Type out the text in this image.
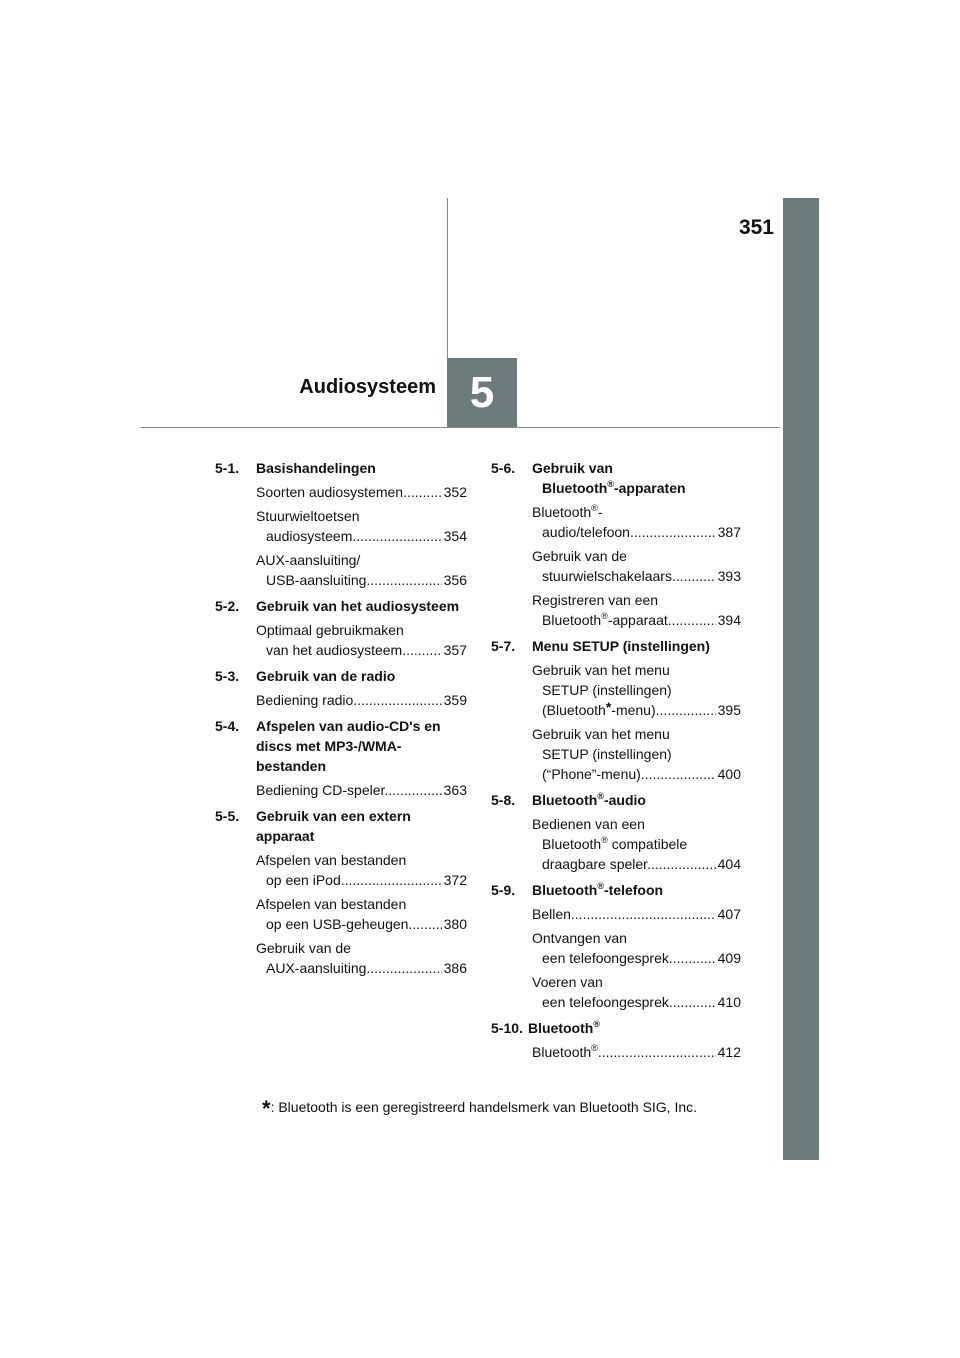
351
5
Audiosysteem
5-1.	Basishandelingen
Soorten audiosystemen .....	352
Stuurwieltoetsen
audiosysteem .....	354
AUX-aansluiting/
USB-aansluiting .....	356
5-2.	Gebruik van het audiosysteem
Optimaal gebruikmaken
van het audiosysteem .....	357
5-3.	Gebruik van de radio
Bediening radio .....	359
5-4.	Afspelen van audio-CD's en discs met MP3-/WMA-bestanden
Bediening CD-speler .....	363
5-5.	Gebruik van een extern apparaat
Afspelen van bestanden
op een iPod .....	372
Afspelen van bestanden
op een USB-geheugen .....	380
Gebruik van de
AUX-aansluiting .....	386
5-6.	Gebruik van
Bluetooth®-apparaten
Bluetooth®-
audio/telefoon .....	387
Gebruik van de
stuurwielschakelaars .....	393
Registreren van een
Bluetooth®-apparaat .....	394
5-7.	Menu SETUP (instellingen)
Gebruik van het menu
SETUP (instellingen)
(Bluetooth*-menu) .....	395
Gebruik van het menu
SETUP (instellingen)
(“Phone”-menu) .....	400
5-8.	Bluetooth®-audio
Bedienen van een
Bluetooth® compatibele
draagbare speler .....	404
5-9.	Bluetooth®-telefoon
Bellen .....	407
Ontvangen van
een telefoongesprek .....	409
Voeren van
een telefoongesprek .....	410
5-10. Bluetooth®
Bluetooth® .....	412
*: Bluetooth is een geregistreerd handelsmerk van Bluetooth SIG, Inc.
